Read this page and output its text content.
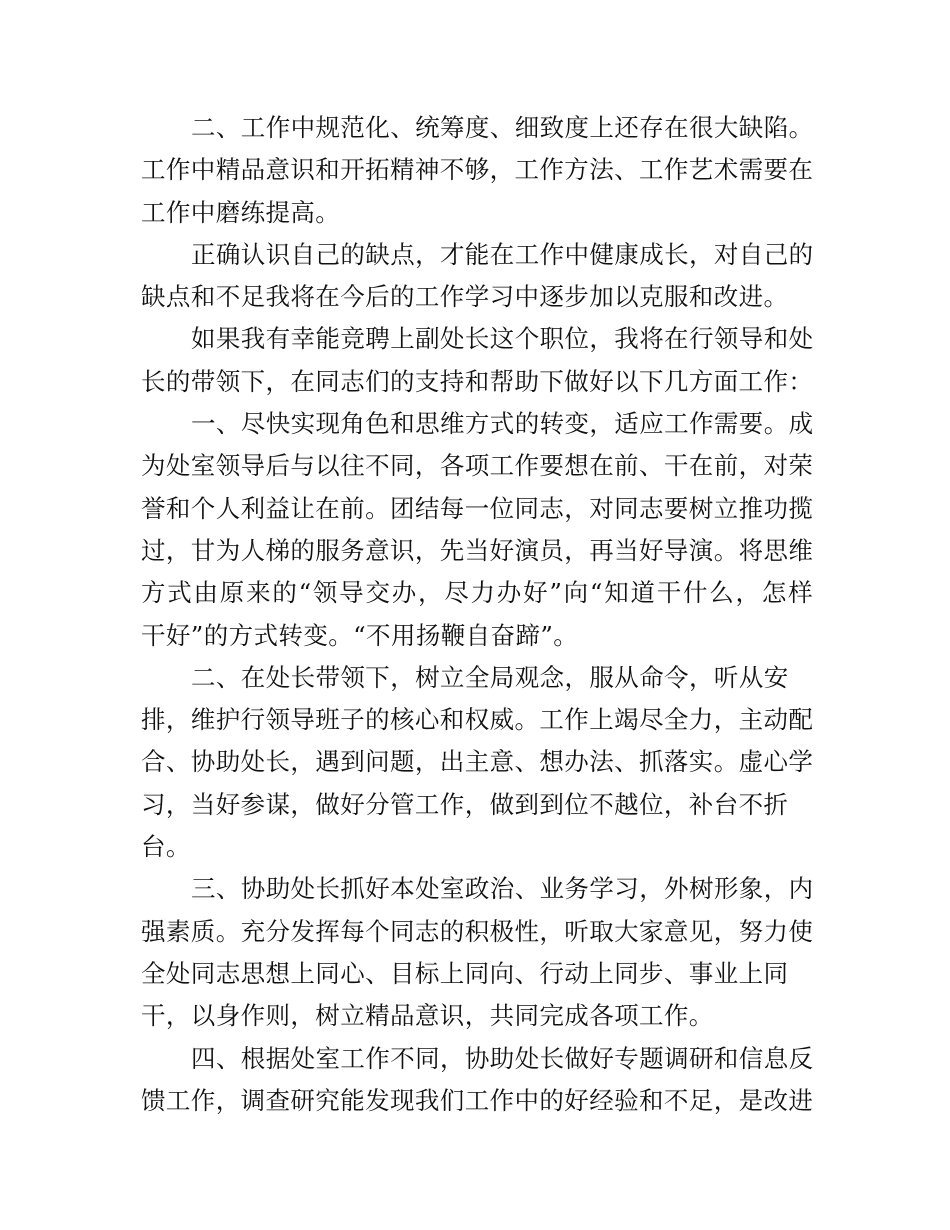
二、工作中规范化、统筹度、细致度上还存在很大缺陷。
工作中精品意识和开拓精神不够，工作方法、工作艺术需要在
工作中磨练提高。
正确认识自己的缺点，才能在工作中健康成长，对自己的
缺点和不足我将在今后的工作学习中逐步加以克服和改进。
如果我有幸能竞聘上副处长这个职位，我将在行领导和处
长的带领下，在同志们的支持和帮助下做好以下几方面工作：
一、尽快实现角色和思维方式的转变，适应工作需要。成
为处室领导后与以往不同，各项工作要想在前、干在前，对荣
誉和个人利益让在前。团结每一位同志，对同志要树立推功揽
过，甘为人梯的服务意识，先当好演员，再当好导演。将思维
方式由原来的“领导交办，尽力办好”向“知道干什么，怎样
干好”的方式转变。“不用扬鞭自奋蹄”。
二、在处长带领下，树立全局观念，服从命令，听从安
排，维护行领导班子的核心和权威。工作上竭尽全力，主动配
合、协助处长，遇到问题，出主意、想办法、抓落实。虚心学
习，当好参谋，做好分管工作，做到到位不越位，补台不折
台。
三、协助处长抓好本处室政治、业务学习，外树形象，内
强素质。充分发挥每个同志的积极性，听取大家意见，努力使
全处同志思想上同心、目标上同向、行动上同步、事业上同
干，以身作则，树立精品意识，共同完成各项工作。
四、根据处室工作不同，协助处长做好专题调研和信息反
馈工作，调查研究能发现我们工作中的好经验和不足，是改进
